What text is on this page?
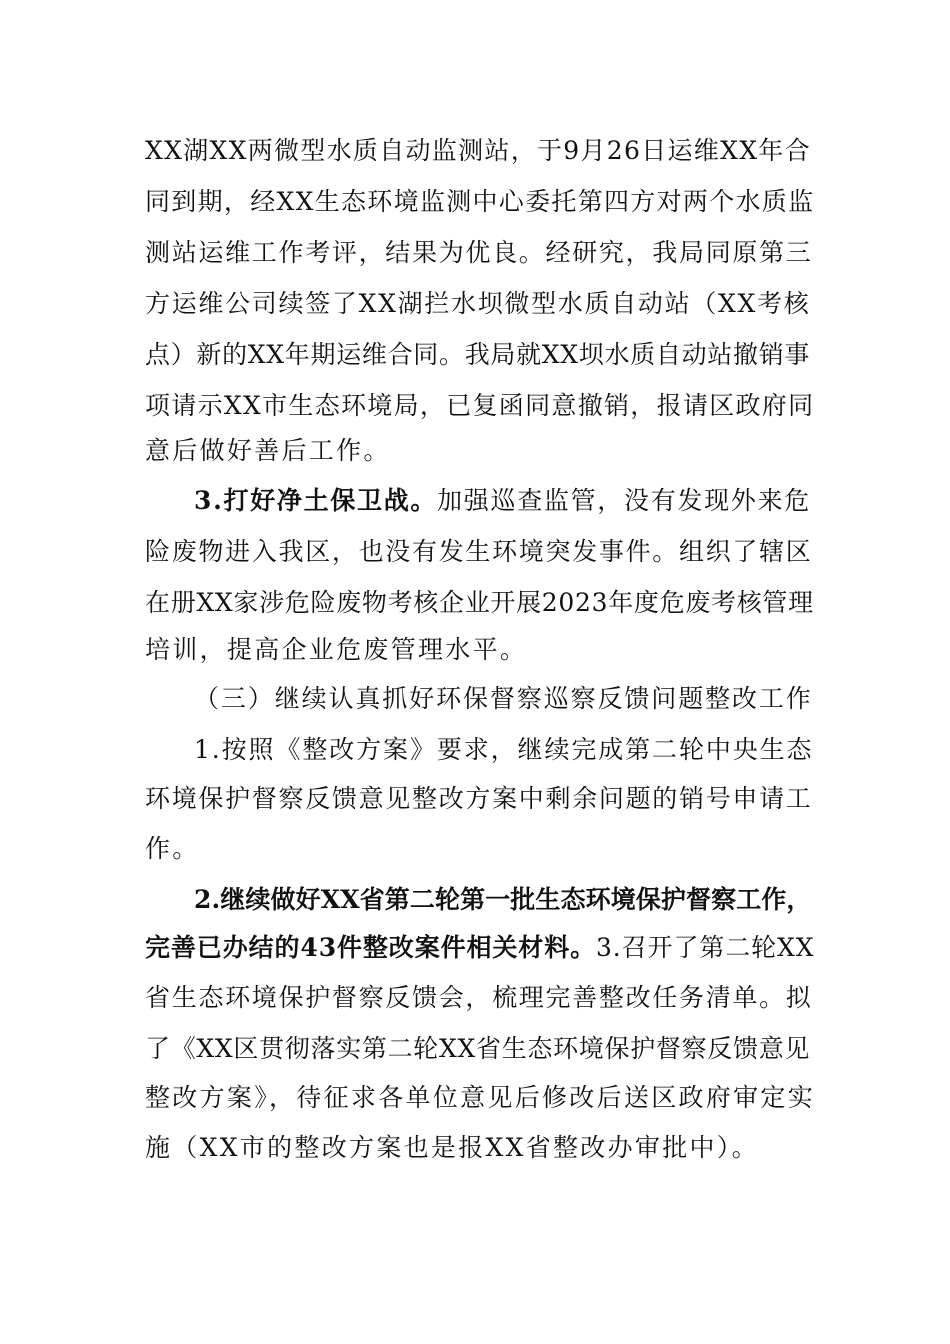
XX湖XX两微型水质自动监测站，于9月26日运维XX年合
同到期，经XX生态环境监测中心委托第四方对两个水质监
测站运维工作考评，结果为优良。经研究，我局同原第三
方运维公司续签了XX湖拦水坝微型水质自动站（XX考核
点）新的XX年期运维合同。我局就XX坝水质自动站撤销事
项请示XX市生态环境局，已复函同意撤销，报请区政府同
意后做好善后工作。
3.打好净土保卫战。加强巡查监管，没有发现外来危
险废物进入我区，也没有发生环境突发事件。组织了辖区
在册XX家涉危险废物考核企业开展2023年度危废考核管理
培训，提高企业危废管理水平。
（三）继续认真抓好环保督察巡察反馈问题整改工作
1.按照《整改方案》要求，继续完成第二轮中央生态
环境保护督察反馈意见整改方案中剩余问题的销号申请工
作。
2.继续做好XX省第二轮第一批生态环境保护督察工作，
完善已办结的43件整改案件相关材料。3.召开了第二轮XX
省生态环境保护督察反馈会，梳理完善整改任务清单。拟
了《XX区贯彻落实第二轮XX省生态环境保护督察反馈意见
整改方案》，待征求各单位意见后修改后送区政府审定实
施（XX市的整改方案也是报XX省整改办审批中）。
